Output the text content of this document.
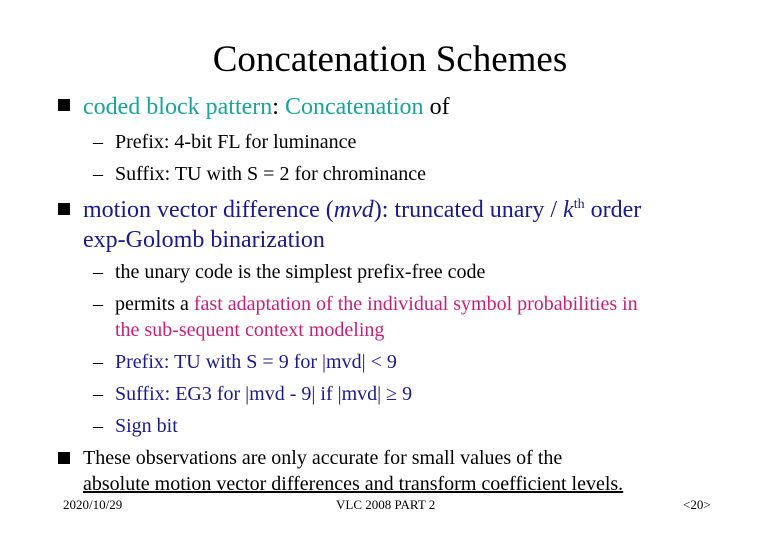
Concatenation Schemes
coded block pattern: Concatenation of
– Prefix: 4-bit FL for luminance
– Suffix: TU with S = 2 for chrominance
motion vector difference (mvd): truncated unary / $k^{th}$ order
exp-Golomb binarization
– the unary code is the simplest prefix-free code
– permits a fast adaptation of the individual symbol probabilities in
the sub-sequent context modeling
– Prefix: TU with S = 9 for |mvd| < 9
– Suffix: EG3 for |mvd - 9| if |mvd| ≥ 9
– Sign bit
These observations are only accurate for small values of the
absolute motion vector differences and transform coefficient levels.
2020/10/29	VLC 2008 PART 2	<20>
